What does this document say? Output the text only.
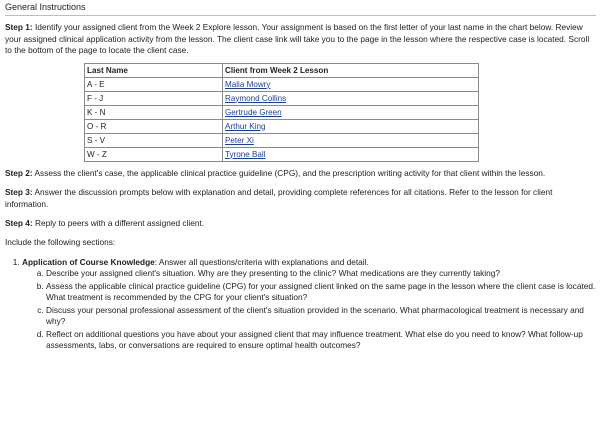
General Instructions

Step 1: Identify your assigned client from the Week 2 Explore lesson. Your assignment is based on the first letter of your last name in the chart below. Review your assigned clinical application activity from the lesson. The client case link will take you to the page in the lesson where the respective case is located. Scroll to the bottom of the page to locate the client case.

Last Name	Client from Week 2 Lesson
A - E	Malia Mowry
F - J	Raymond Collins
K - N	Gertrude Green
O - R	Arthur King
S - V	Peter Xi
W - Z	Tyrone Ball

Step 2: Assess the client's case, the applicable clinical practice guideline (CPG), and the prescription writing activity for that client within the lesson.

Step 3: Answer the discussion prompts below with explanation and detail, providing complete references for all citations. Refer to the lesson for client information.

Step 4: Reply to peers with a different assigned client.

Include the following sections:

1. Application of Course Knowledge: Answer all questions/criteria with explanations and detail.
a. Describe your assigned client's situation. Why are they presenting to the clinic? What medications are they currently taking?
b. Assess the applicable clinical practice guideline (CPG) for your assigned client linked on the same page in the lesson where the client case is located. What treatment is recommended by the CPG for your client's situation?
c. Discuss your personal professional assessment of the client's situation provided in the scenario. What pharmacological treatment is necessary and why?
d. Reflect on additional questions you have about your assigned client that may influence treatment. What else do you need to know? What follow-up assessments, labs, or conversations are required to ensure optimal health outcomes?
